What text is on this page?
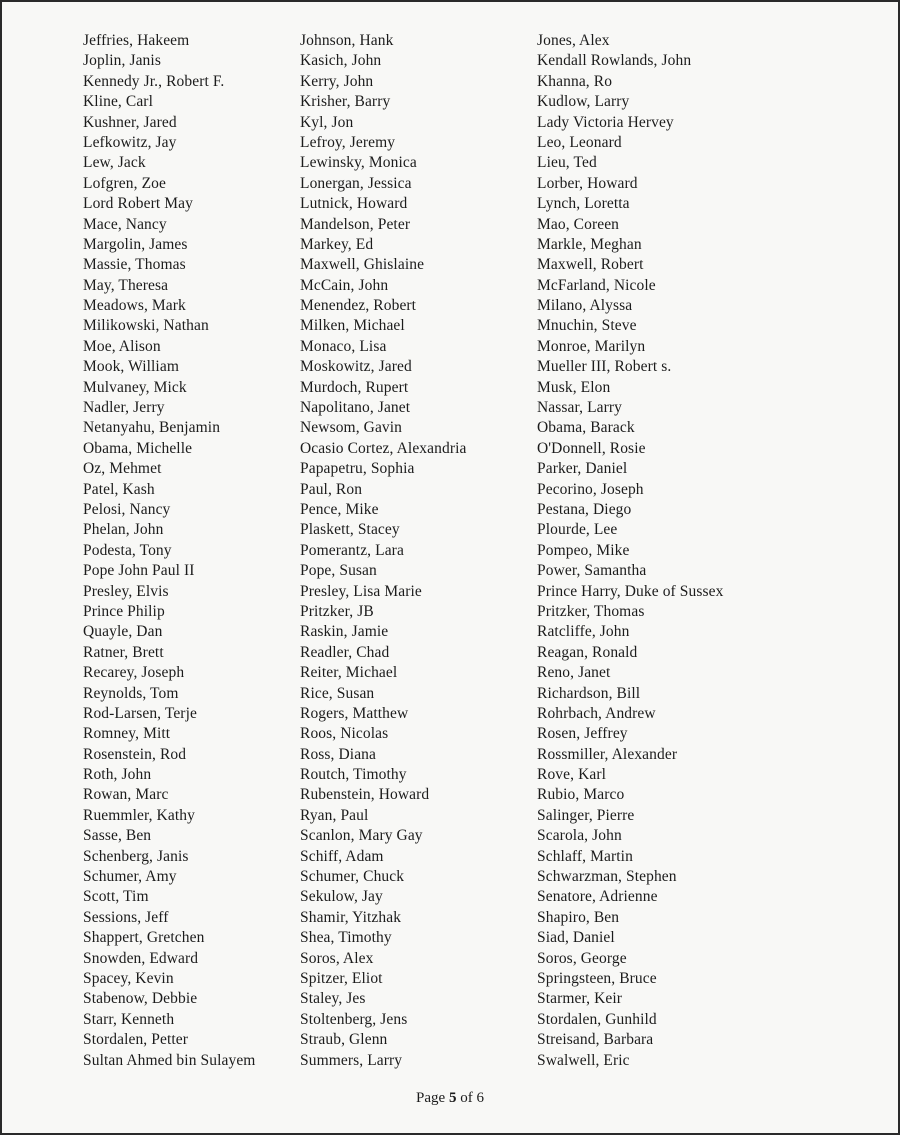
Jeffries, Hakeem	Johnson, Hank	Jones, Alex
Joplin, Janis	Kasich, John	Kendall Rowlands, John
Kennedy Jr., Robert F.	Kerry, John	Khanna, Ro
Kline, Carl	Krisher, Barry	Kudlow, Larry
Kushner, Jared	Kyl, Jon	Lady Victoria Hervey
Lefkowitz, Jay	Lefroy, Jeremy	Leo, Leonard
Lew, Jack	Lewinsky, Monica	Lieu, Ted
Lofgren, Zoe	Lonergan, Jessica	Lorber, Howard
Lord Robert May	Lutnick, Howard	Lynch, Loretta
Mace, Nancy	Mandelson, Peter	Mao, Coreen
Margolin, James	Markey, Ed	Markle, Meghan
Massie, Thomas	Maxwell, Ghislaine	Maxwell, Robert
May, Theresa	McCain, John	McFarland, Nicole
Meadows, Mark	Menendez, Robert	Milano, Alyssa
Milikowski, Nathan	Milken, Michael	Mnuchin, Steve
Moe, Alison	Monaco, Lisa	Monroe, Marilyn
Mook, William	Moskowitz, Jared	Mueller III, Robert s.
Mulvaney, Mick	Murdoch, Rupert	Musk, Elon
Nadler, Jerry	Napolitano, Janet	Nassar, Larry
Netanyahu, Benjamin	Newsom, Gavin	Obama, Barack
Obama, Michelle	Ocasio Cortez, Alexandria	O'Donnell, Rosie
Oz, Mehmet	Papapetru, Sophia	Parker, Daniel
Patel, Kash	Paul, Ron	Pecorino, Joseph
Pelosi, Nancy	Pence, Mike	Pestana, Diego
Phelan, John	Plaskett, Stacey	Plourde, Lee
Podesta, Tony	Pomerantz, Lara	Pompeo, Mike
Pope John Paul II	Pope, Susan	Power, Samantha
Presley, Elvis	Presley, Lisa Marie	Prince Harry, Duke of Sussex
Prince Philip	Pritzker, JB	Pritzker, Thomas
Quayle, Dan	Raskin, Jamie	Ratcliffe, John
Ratner, Brett	Readler, Chad	Reagan, Ronald
Recarey, Joseph	Reiter, Michael	Reno, Janet
Reynolds, Tom	Rice, Susan	Richardson, Bill
Rod-Larsen, Terje	Rogers, Matthew	Rohrbach, Andrew
Romney, Mitt	Roos, Nicolas	Rosen, Jeffrey
Rosenstein, Rod	Ross, Diana	Rossmiller, Alexander
Roth, John	Routch, Timothy	Rove, Karl
Rowan, Marc	Rubenstein, Howard	Rubio, Marco
Ruemmler, Kathy	Ryan, Paul	Salinger, Pierre
Sasse, Ben	Scanlon, Mary Gay	Scarola, John
Schenberg, Janis	Schiff, Adam	Schlaff, Martin
Schumer, Amy	Schumer, Chuck	Schwarzman, Stephen
Scott, Tim	Sekulow, Jay	Senatore, Adrienne
Sessions, Jeff	Shamir, Yitzhak	Shapiro, Ben
Shappert, Gretchen	Shea, Timothy	Siad, Daniel
Snowden, Edward	Soros, Alex	Soros, George
Spacey, Kevin	Spitzer, Eliot	Springsteen, Bruce
Stabenow, Debbie	Staley, Jes	Starmer, Keir
Starr, Kenneth	Stoltenberg, Jens	Stordalen, Gunhild
Stordalen, Petter	Straub, Glenn	Streisand, Barbara
Sultan Ahmed bin Sulayem	Summers, Larry	Swalwell, Eric
Page 5 of 6
